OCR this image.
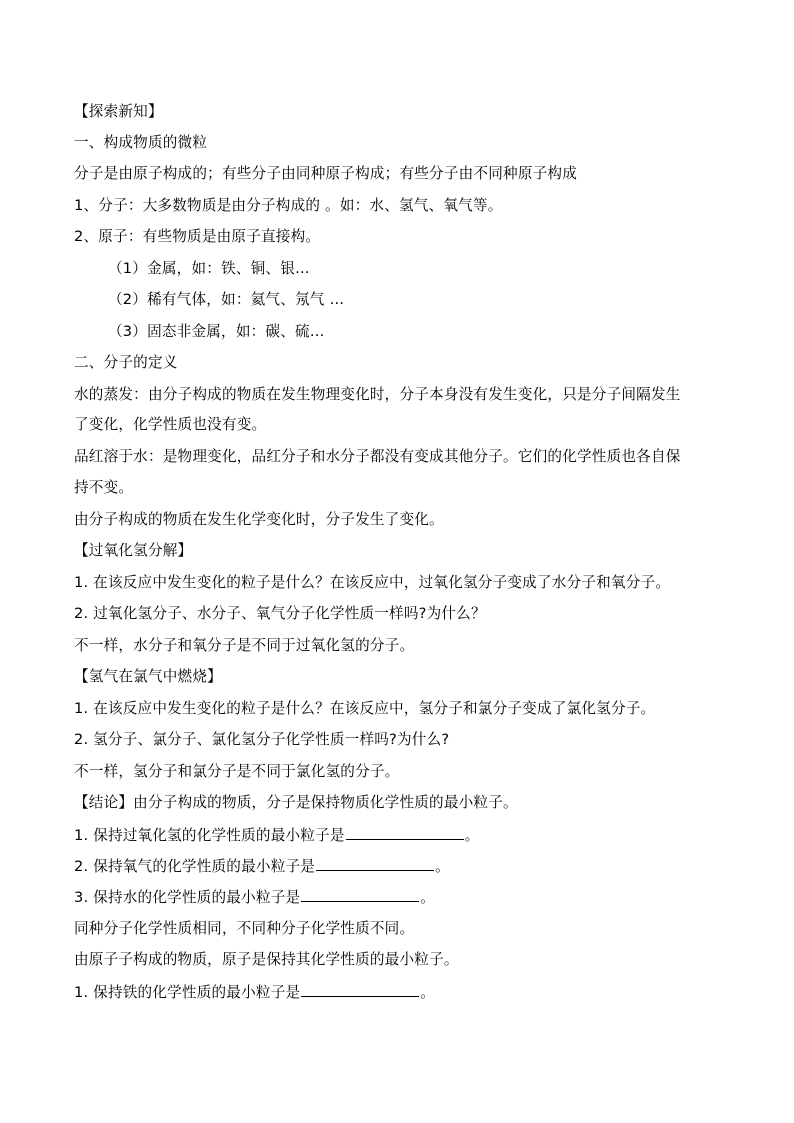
【探索新知】
一、构成物质的微粒
分子是由原子构成的；有些分子由同种原子构成；有些分子由不同种原子构成
1、分子：大多数物质是由分子构成的 。如：水、氢气、氧气等。
2、原子：有些物质是由原子直接构。
（1）金属，如：铁、铜、银…
（2）稀有气体，如：氦气、氖气 …
（3）固态非金属，如：碳、硫…
二、分子的定义
水的蒸发：由分子构成的物质在发生物理变化时，分子本身没有发生变化，只是分子间隔发生
了变化，化学性质也没有变。
品红溶于水：是物理变化，品红分子和水分子都没有变成其他分子。它们的化学性质也各自保
持不变。
由分子构成的物质在发生化学变化时，分子发生了变化。
【过氧化氢分解】
1. 在该反应中发生变化的粒子是什么？在该反应中，过氧化氢分子变成了水分子和氧分子。
2. 过氧化氢分子、水分子、氧气分子化学性质一样吗?为什么？
不一样，水分子和氧分子是不同于过氧化氢的分子。
【氢气在氯气中燃烧】
1. 在该反应中发生变化的粒子是什么？在该反应中，氢分子和氯分子变成了氯化氢分子。
2. 氢分子、氯分子、氯化氢分子化学性质一样吗?为什么?
不一样，氢分子和氯分子是不同于氯化氢的分子。
【结论】由分子构成的物质，分子是保持物质化学性质的最小粒子。
1. 保持过氧化氢的化学性质的最小粒子是	。
2. 保持氧气的化学性质的最小粒子是	。
3. 保持水的化学性质的最小粒子是	。
同种分子化学性质相同，不同种分子化学性质不同。
由原子子构成的物质，原子是保持其化学性质的最小粒子。
1. 保持铁的化学性质的最小粒子是	。
